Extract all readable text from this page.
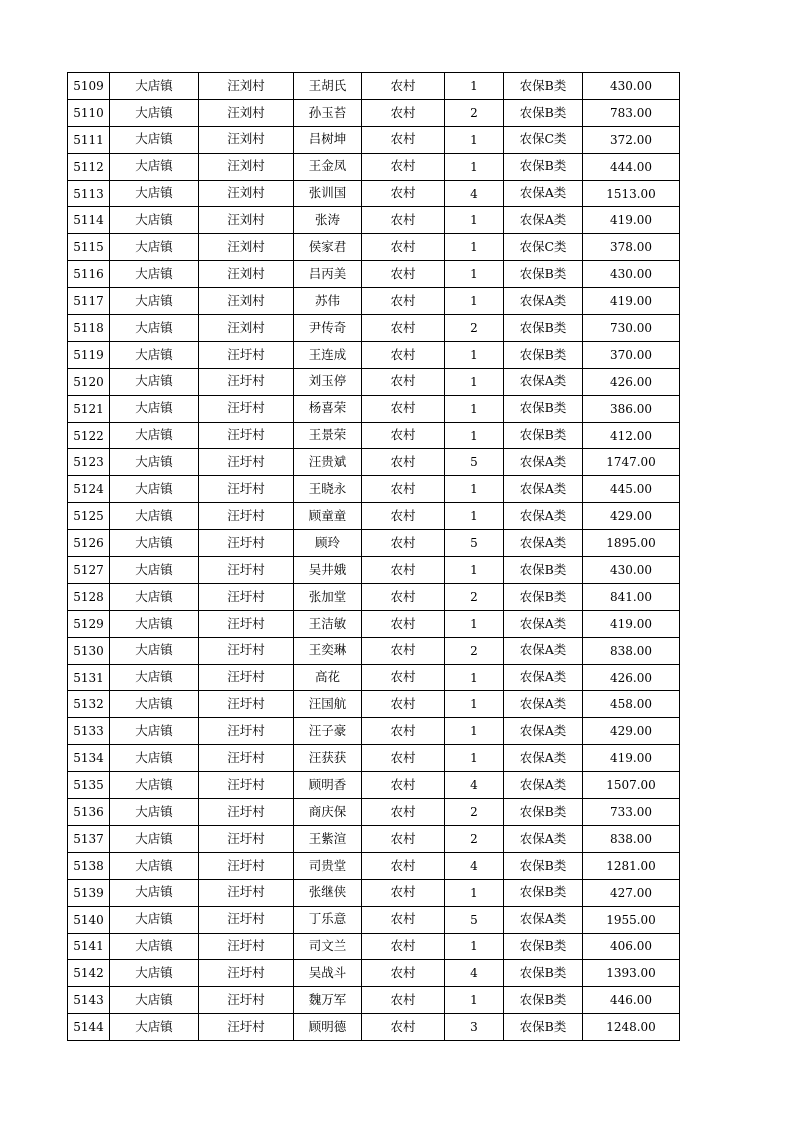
5109	大店镇	汪刘村	王胡氏	农村	1	农保B类	430.00
5110	大店镇	汪刘村	孙玉苔	农村	2	农保B类	783.00
5111	大店镇	汪刘村	吕树坤	农村	1	农保C类	372.00
5112	大店镇	汪刘村	王金凤	农村	1	农保B类	444.00
5113	大店镇	汪刘村	张训国	农村	4	农保A类	1513.00
5114	大店镇	汪刘村	张涛	农村	1	农保A类	419.00
5115	大店镇	汪刘村	侯家君	农村	1	农保C类	378.00
5116	大店镇	汪刘村	吕丙美	农村	1	农保B类	430.00
5117	大店镇	汪刘村	苏伟	农村	1	农保A类	419.00
5118	大店镇	汪刘村	尹传奇	农村	2	农保B类	730.00
5119	大店镇	汪圩村	王连成	农村	1	农保B类	370.00
5120	大店镇	汪圩村	刘玉停	农村	1	农保A类	426.00
5121	大店镇	汪圩村	杨喜荣	农村	1	农保B类	386.00
5122	大店镇	汪圩村	王景荣	农村	1	农保B类	412.00
5123	大店镇	汪圩村	汪贵斌	农村	5	农保A类	1747.00
5124	大店镇	汪圩村	王晓永	农村	1	农保A类	445.00
5125	大店镇	汪圩村	顾童童	农村	1	农保A类	429.00
5126	大店镇	汪圩村	顾玲	农村	5	农保A类	1895.00
5127	大店镇	汪圩村	吴井娥	农村	1	农保B类	430.00
5128	大店镇	汪圩村	张加堂	农村	2	农保B类	841.00
5129	大店镇	汪圩村	王洁敏	农村	1	农保A类	419.00
5130	大店镇	汪圩村	王奕琳	农村	2	农保A类	838.00
5131	大店镇	汪圩村	高花	农村	1	农保A类	426.00
5132	大店镇	汪圩村	汪国航	农村	1	农保A类	458.00
5133	大店镇	汪圩村	汪子豪	农村	1	农保A类	429.00
5134	大店镇	汪圩村	汪获获	农村	1	农保A类	419.00
5135	大店镇	汪圩村	顾明香	农村	4	农保A类	1507.00
5136	大店镇	汪圩村	商庆保	农村	2	农保B类	733.00
5137	大店镇	汪圩村	王紫渲	农村	2	农保A类	838.00
5138	大店镇	汪圩村	司贵堂	农村	4	农保B类	1281.00
5139	大店镇	汪圩村	张继侠	农村	1	农保B类	427.00
5140	大店镇	汪圩村	丁乐意	农村	5	农保A类	1955.00
5141	大店镇	汪圩村	司文兰	农村	1	农保B类	406.00
5142	大店镇	汪圩村	吴战斗	农村	4	农保B类	1393.00
5143	大店镇	汪圩村	魏万军	农村	1	农保B类	446.00
5144	大店镇	汪圩村	顾明德	农村	3	农保B类	1248.00
